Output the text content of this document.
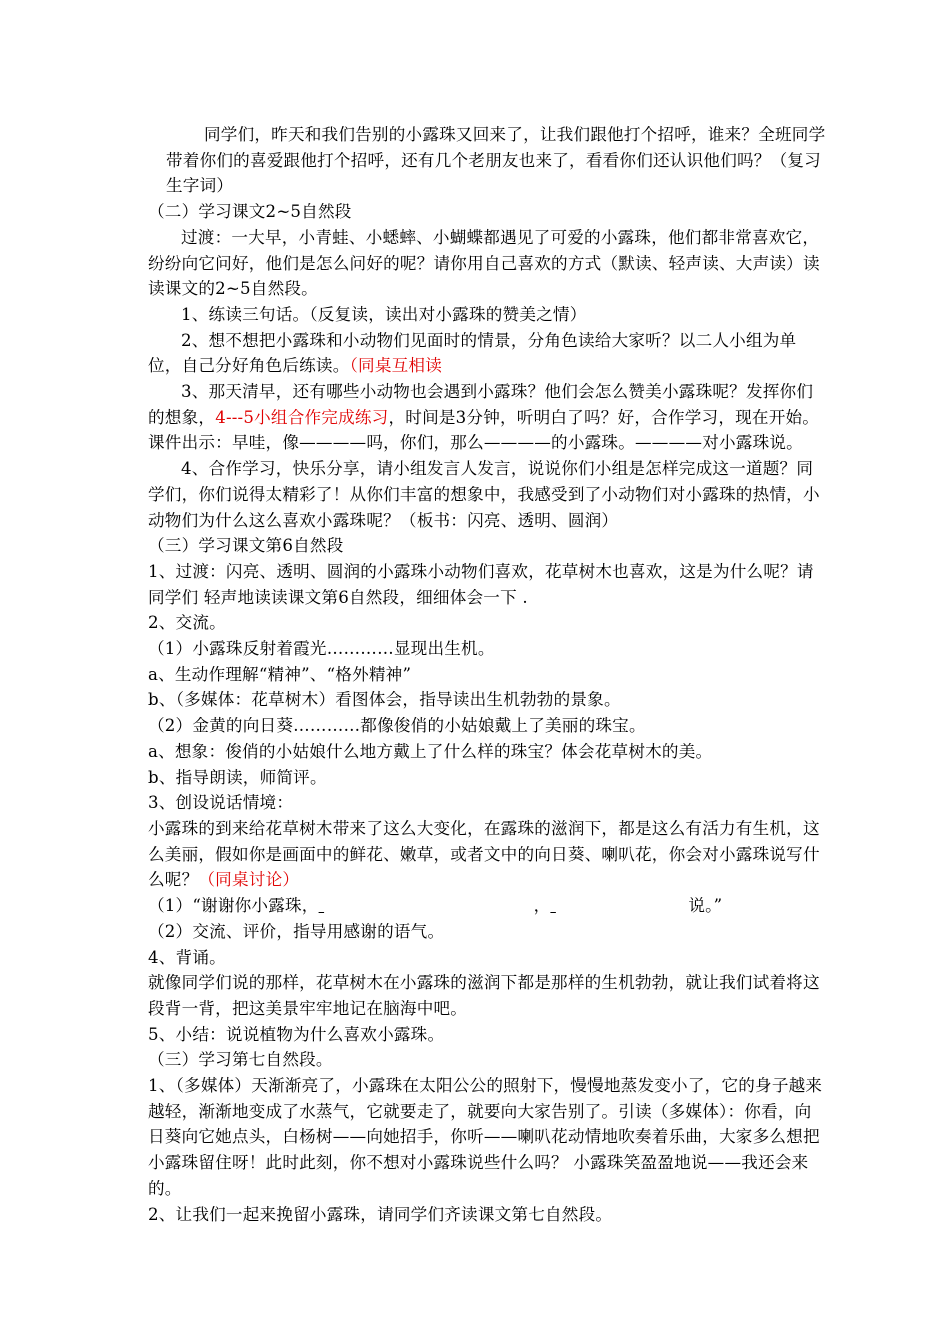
同学们，昨天和我们告别的小露珠又回来了，让我们跟他打个招呼，谁来？全班同学带着你们的喜爱跟他打个招呼，还有几个老朋友也来了，看看你们还认识他们吗？（复习生字词）

（二）学习课文2~5自然段

过渡：一大早，小青蛙、小蟋蟀、小蝴蝶都遇见了可爱的小露珠，他们都非常喜欢它，纷纷向它问好，他们是怎么问好的呢？请你用自己喜欢的方式（默读、轻声读、大声读）读读课文的2~5自然段。

1、练读三句话。（反复读，读出对小露珠的赞美之情）

2、想不想把小露珠和小动物们见面时的情景，分角色读给大家听？以二人小组为单位，自己分好角色后练读。（同桌互相读

3、那天清早，还有哪些小动物也会遇到小露珠？他们会怎么赞美小露珠呢？发挥你们的想象，4---5小组合作完成练习，时间是3分钟，听明白了吗？好，合作学习，现在开始。课件出示：早哇，像————吗，你们，那么————的小露珠。————对小露珠说。

4、合作学习，快乐分享，请小组发言人发言，说说你们小组是怎样完成这一道题？同学们，你们说得太精彩了！从你们丰富的想象中，我感受到了小动物们对小露珠的热情，小动物们为什么这么喜欢小露珠呢？（板书：闪亮、透明、圆润）

（三）学习课文第6自然段

1、过渡：闪亮、透明、圆润的小露珠小动物们喜欢，花草树木也喜欢，这是为什么呢？请同学们 轻声地读读课文第6自然段，细细体会一下 .

2、交流。

（1）小露珠反射着霞光…………显现出生机。

a、生动作理解“精神”、“格外精神”

b、（多媒体：花草树木）看图体会，指导读出生机勃勃的景象。

（2）金黄的向日葵…………都像俊俏的小姑娘戴上了美丽的珠宝。

a、想象：俊俏的小姑娘什么地方戴上了什么样的珠宝？体会花草树木的美。

b、指导朗读，师简评。

3、创设说话情境：

小露珠的到来给花草树木带来了这么大变化，在露珠的滋润下，都是这么有活力有生机，这么美丽，假如你是画面中的鲜花、嫩草，或者文中的向日葵、喇叭花，你会对小露珠说写什么呢？（同桌讨论）

（1）“谢谢你小露珠，	，	说。”

（2）交流、评价，指导用感谢的语气。

4、背诵。

就像同学们说的那样，花草树木在小露珠的滋润下都是那样的生机勃勃，就让我们试着将这段背一背，把这美景牢牢地记在脑海中吧。

5、小结：说说植物为什么喜欢小露珠。

（三）学习第七自然段。

1、（多媒体）天渐渐亮了，小露珠在太阳公公的照射下，慢慢地蒸发变小了，它的身子越来越轻，渐渐地变成了水蒸气，它就要走了，就要向大家告别了。引读（多媒体）：你看，向日葵向它她点头，白杨树——向她招手，你听——喇叭花动情地吹奏着乐曲，大家多么想把小露珠留住呀！此时此刻，你不想对小露珠说些什么吗？ 小露珠笑盈盈地说——我还会来的。

2、让我们一起来挽留小露珠，请同学们齐读课文第七自然段。
